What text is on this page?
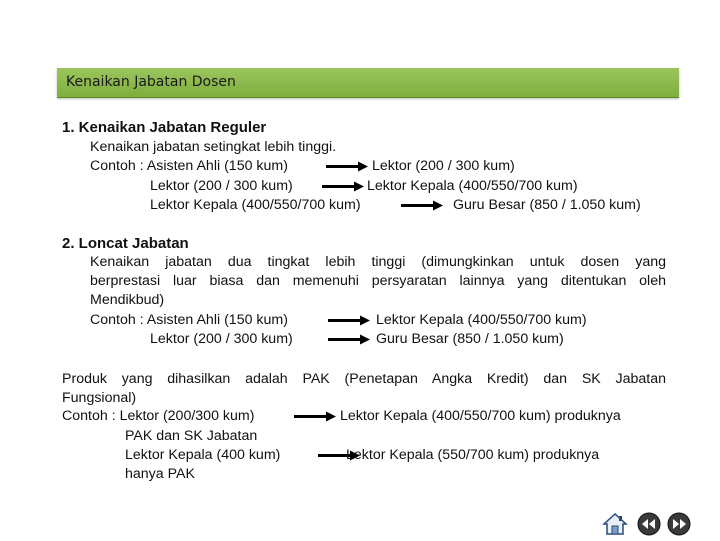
Kenaikan Jabatan Dosen
1. Kenaikan Jabatan Reguler
Kenaikan jabatan setingkat lebih tinggi.
Contoh : Asisten Ahli (150 kum)	Lektor (200 / 300 kum)
Lektor (200 / 300 kum)	Lektor Kepala (400/550/700 kum)
Lektor Kepala (400/550/700 kum)	Guru Besar (850 / 1.050 kum)
2. Loncat Jabatan
Kenaikan jabatan dua tingkat lebih tinggi (dimungkinkan untuk dosen yang
berprestasi luar biasa dan memenuhi persyaratan lainnya yang ditentukan oleh
Mendikbud)
Contoh : Asisten Ahli (150 kum)	Lektor Kepala (400/550/700 kum)
Lektor (200 / 300 kum)	Guru Besar (850 / 1.050 kum)
Produk yang dihasilkan adalah PAK (Penetapan Angka Kredit) dan SK Jabatan
Fungsional)
Contoh : Lektor (200/300 kum)	Lektor Kepala (400/550/700 kum) produknya
PAK dan SK Jabatan
Lektor Kepala (400 kum)	Lektor Kepala (550/700 kum) produknya
hanya PAK
